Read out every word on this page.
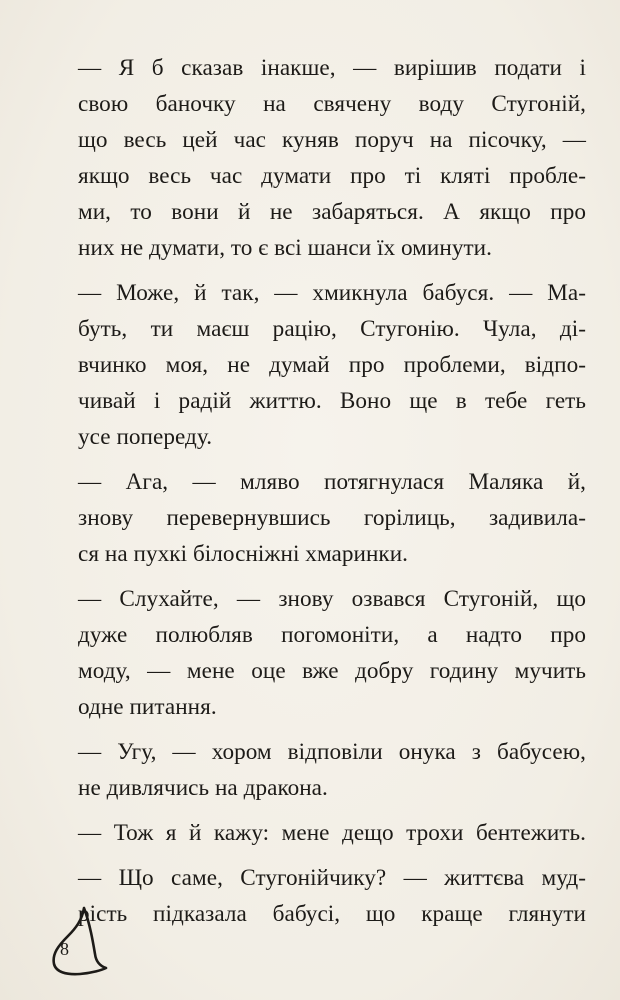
— Я б сказав інакше, — вирішив подати і
свою баночку на свячену воду Стугоній,
що весь цей час куняв поруч на пісочку, —
якщо весь час думати про ті кляті пробле-
ми, то вони й не забаряться. А якщо про
них не думати, то є всі шанси їх оминути.

— Може, й так, — хмикнула бабуся. — Ма-
буть, ти маєш рацію, Стугонію. Чула, ді-
вчинко моя, не думай про проблеми, відпо-
чивай і радій життю. Воно ще в тебе геть
усе попереду.

— Ага, — мляво потягнулася Маляка й,
знову перевернувшись горілиць, задивила-
ся на пухкі білосніжні хмаринки.

— Слухайте, — знову озвався Стугоній, що
дуже полюбляв погомоніти, а надто про
моду, — мене оце вже добру годину мучить
одне питання.

— Угу, — хором відповіли онука з бабусею,
не дивлячись на дракона.

— Тож я й кажу: мене дещо трохи бентежить.

— Що саме, Стугонійчику? — життєва муд-
рість підказала бабусі, що краще глянути

8
